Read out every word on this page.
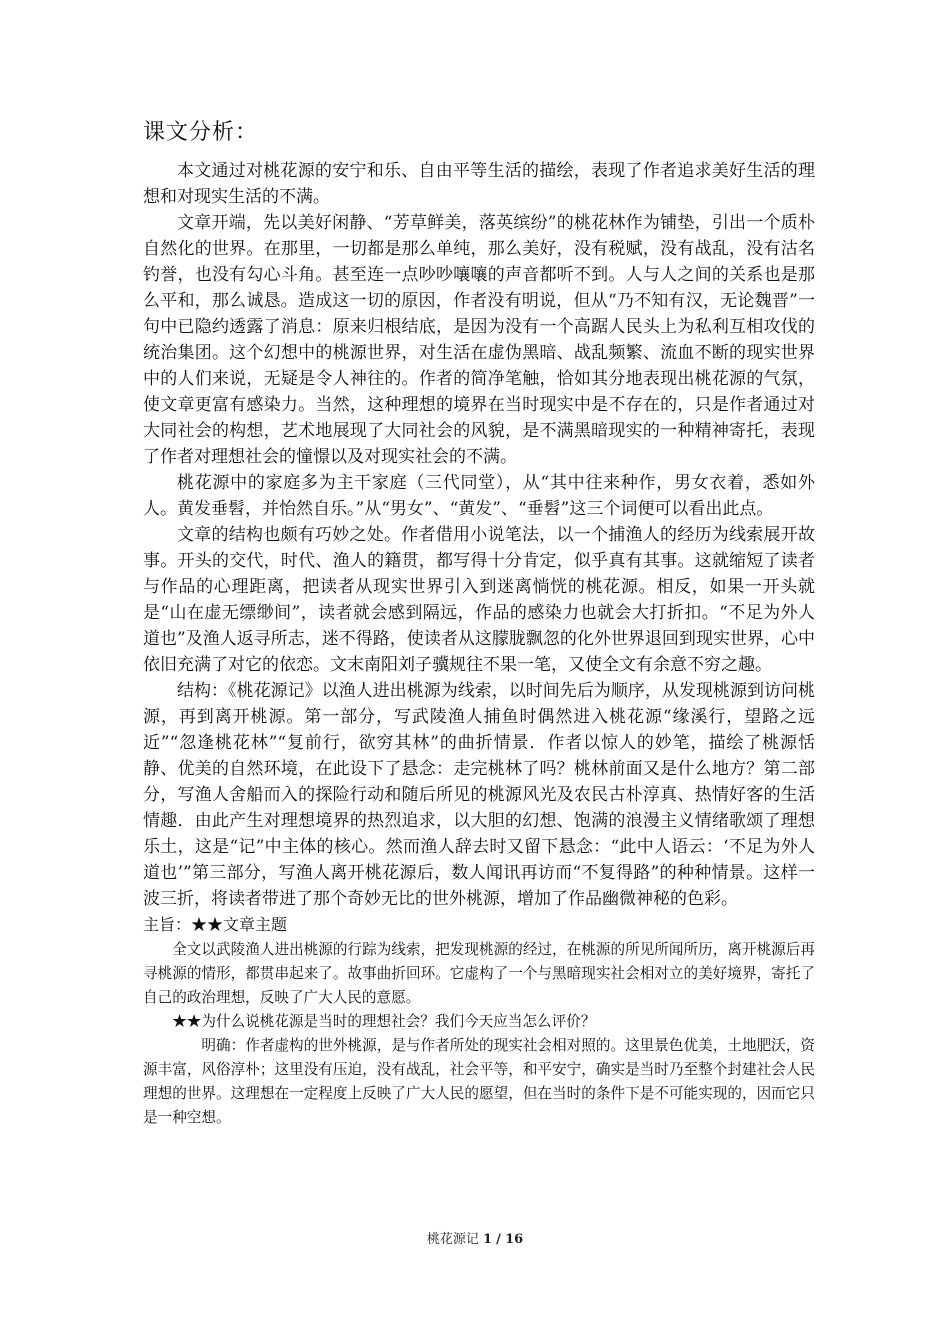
课文分析：

本文通过对桃花源的安宁和乐、自由平等生活的描绘，表现了作者追求美好生活的理想和对现实生活的不满。

文章开端，先以美好闲静、“芳草鲜美，落英缤纷”的桃花林作为铺垫，引出一个质朴自然化的世界。在那里，一切都是那么单纯，那么美好，没有税赋，没有战乱，没有沽名钓誉，也没有勾心斗角。甚至连一点吵吵嚷嚷的声音都听不到。人与人之间的关系也是那么平和，那么诚恳。造成这一切的原因，作者没有明说，但从“乃不知有汉，无论魏晋”一句中已隐约透露了消息：原来归根结底，是因为没有一个高踞人民头上为私利互相攻伐的统治集团。这个幻想中的桃源世界，对生活在虚伪黑暗、战乱频繁、流血不断的现实世界中的人们来说，无疑是令人神往的。作者的简净笔触，恰如其分地表现出桃花源的气氛，使文章更富有感染力。当然，这种理想的境界在当时现实中是不存在的，只是作者通过对大同社会的构想，艺术地展现了大同社会的风貌，是不满黑暗现实的一种精神寄托，表现了作者对理想社会的憧憬以及对现实社会的不满。

桃花源中的家庭多为主干家庭（三代同堂），从“其中往来种作，男女衣着，悉如外人。黄发垂髫，并怡然自乐。”从“男女”、“黄发”、“垂髫”这三个词便可以看出此点。

文章的结构也颇有巧妙之处。作者借用小说笔法，以一个捕渔人的经历为线索展开故事。开头的交代，时代、渔人的籍贯，都写得十分肯定，似乎真有其事。这就缩短了读者与作品的心理距离，把读者从现实世界引入到迷离惝恍的桃花源。相反，如果一开头就是“山在虚无缥缈间”，读者就会感到隔远，作品的感染力也就会大打折扣。“不足为外人道也”及渔人返寻所志，迷不得路，使读者从这朦胧飘忽的化外世界退回到现实世界，心中依旧充满了对它的依恋。文末南阳刘子骥规往不果一笔，又使全文有余意不穷之趣。

结构：《桃花源记》以渔人进出桃源为线索，以时间先后为顺序，从发现桃源到访问桃源，再到离开桃源。第一部分，写武陵渔人捕鱼时偶然进入桃花源“缘溪行，望路之远近”“忽逢桃花林”“复前行，欲穷其林”的曲折情景．作者以惊人的妙笔，描绘了桃源恬静、优美的自然环境，在此设下了悬念：走完桃林了吗？桃林前面又是什么地方？第二部分，写渔人舍船而入的探险行动和随后所见的桃源风光及农民古朴淳真、热情好客的生活情趣．由此产生对理想境界的热烈追求，以大胆的幻想、饱满的浪漫主义情绪歌颂了理想乐土，这是“记”中主体的核心。然而渔人辞去时又留下悬念：“此中人语云：‘不足为外人道也’”第三部分，写渔人离开桃花源后，数人闻讯再访而“不复得路”的种种情景。这样一波三折，将读者带进了那个奇妙无比的世外桃源，增加了作品幽微神秘的色彩。

主旨：★★文章主题

全文以武陵渔人进出桃源的行踪为线索，把发现桃源的经过，在桃源的所见所闻所历，离开桃源后再寻桃源的情形，都贯串起来了。故事曲折回环。它虚构了一个与黑暗现实社会相对立的美好境界，寄托了自己的政治理想，反映了广大人民的意愿。

★★为什么说桃花源是当时的理想社会？我们今天应当怎么评价？

明确：作者虚构的世外桃源，是与作者所处的现实社会相对照的。这里景色优美，土地肥沃，资源丰富，风俗淳朴；这里没有压迫，没有战乱，社会平等，和平安宁，确实是当时乃至整个封建社会人民理想的世界。这理想在一定程度上反映了广大人民的愿望，但在当时的条件下是不可能实现的，因而它只是一种空想。

桃花源记 1 / 16
